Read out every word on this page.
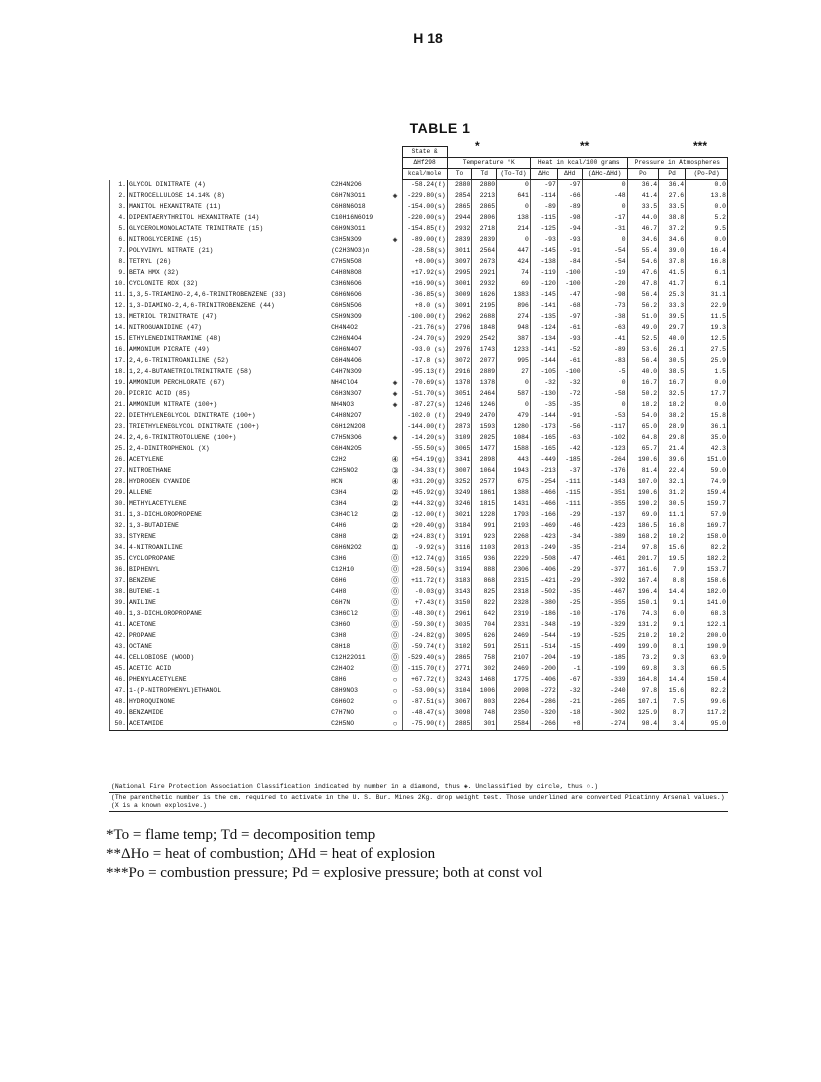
H 18
TABLE 1
*	**	***
				State &									
				ΔHf298	Temperature °K			Heat in kcal/100 grams			Pressure in Atmospheres		
				kcal/mole	To	Td	(To-Td)	ΔHc	ΔHd	(ΔHc-ΔHd)	Po	Pd	(Po-Pd)
1.	GLYCOL DINITRATE (4)	C2H4N2O6		-58.24(ℓ)	2880	2880	0	-97	-97	0	36.4	36.4	0.0
2.	NITROCELLULOSE 14.14% (8)	C6H7N3O11	◈	-229.80(s)	2854	2213	641	-114	-66	-48	41.4	27.6	13.8
3.	MANITOL HEXANITRATE (11)	C6H8N6O18		-154.00(s)	2865	2865	0	-89	-89	0	33.5	33.5	0.0
4.	DIPENTAERYTHRITOL HEXANITRATE (14)	C10H16N6O19		-220.00(s)	2944	2806	138	-115	-98	-17	44.0	38.8	5.2
5.	GLYCEROLMONOLACTATE TRINITRATE (15)	C6H9N3O11		-154.85(ℓ)	2932	2718	214	-125	-94	-31	46.7	37.2	9.5
6.	NITROGLYCERINE (15)	C3H5N3O9	◈	-89.00(ℓ)	2839	2839	0	-93	-93	0	34.6	34.6	0.0
7.	POLYVINYL NITRATE (21)	(C2H3NO3)n		-28.58(s)	3011	2564	447	-145	-91	-54	55.4	39.0	16.4
8.	TETRYL (26)	C7H5N5O8		+8.00(s)	3097	2673	424	-138	-84	-54	54.6	37.8	16.8
9.	BETA HMX (32)	C4H8N8O8		+17.92(s)	2995	2921	74	-119	-100	-19	47.6	41.5	6.1
10.	CYCLONITE RDX (32)	C3H6N6O6		+16.90(s)	3001	2932	69	-120	-100	-20	47.8	41.7	6.1
11.	1,3,5-TRIAMINO-2,4,6-TRINITROBENZENE (33)	C6H6N6O6		-36.85(s)	3009	1626	1383	-145	-47	-98	56.4	25.3	31.1
12.	1,3-DIAMINO-2,4,6-TRINITROBENZENE (44)	C6H5N5O6		+8.0 (s)	3091	2195	896	-141	-68	-73	56.2	33.3	22.9
13.	METRIOL TRINITRATE (47)	C5H9N3O9		-100.00(ℓ)	2962	2688	274	-135	-97	-38	51.0	39.5	11.5
14.	NITROGUANIDINE (47)	CH4N4O2		-21.76(s)	2796	1848	948	-124	-61	-63	49.0	29.7	19.3
15.	ETHYLENEDINITRAMINE (48)	C2H6N4O4		-24.70(s)	2929	2542	387	-134	-93	-41	52.5	40.0	12.5
16.	AMMONIUM PICRATE (49)	C6H6N4O7		-93.0 (s)	2976	1743	1233	-141	-52	-89	53.6	26.1	27.5
17.	2,4,6-TRINITROANILINE (52)	C6H4N4O6		-17.8 (s)	3072	2077	995	-144	-61	-83	56.4	30.5	25.9
18.	1,2,4-BUTANETRIOLTRINITRATE (58)	C4H7N3O9		-95.13(ℓ)	2916	2889	27	-105	-100	-5	40.0	38.5	1.5
19.	AMMONIUM PERCHLORATE (67)	NH4ClO4	◈	-70.69(s)	1378	1378	0	-32	-32	0	16.7	16.7	0.0
20.	PICRIC ACID (85)	C6H3N3O7	◈	-51.70(s)	3051	2464	587	-130	-72	-58	50.2	32.5	17.7
21.	AMMONIUM NITRATE (100+)	NH4NO3	◈	-87.27(s)	1246	1246	0	-35	-35	0	18.2	18.2	0.0
22.	DIETHYLENEGLYCOL DINITRATE (100+)	C4H8N2O7		-102.0 (ℓ)	2949	2470	479	-144	-91	-53	54.0	38.2	15.8
23.	TRIETHYLENEGLYCOL DINITRATE (100+)	C6H12N2O8		-144.00(ℓ)	2873	1593	1280	-173	-56	-117	65.0	28.9	36.1
24.	2,4,6-TRINITROTOLUENE (100+)	C7H5N3O6	◈	-14.20(s)	3109	2025	1084	-165	-63	-102	64.8	29.8	35.0
25.	2,4-DINITROPHENOL (X)	C6H4N2O5		-55.50(s)	3065	1477	1588	-165	-42	-123	65.7	21.4	42.3
26.	ACETYLENE	C2H2	④	+54.19(g)	3341	2898	443	-449	-185	-264	190.6	39.6	151.0
27.	NITROETHANE	C2H5NO2	③	-34.33(ℓ)	3007	1064	1943	-213	-37	-176	81.4	22.4	59.0
28.	HYDROGEN CYANIDE	HCN	④	+31.20(g)	3252	2577	675	-254	-111	-143	107.0	32.1	74.9
29.	ALLENE	C3H4	②	+45.92(g)	3249	1861	1388	-466	-115	-351	190.6	31.2	159.4
30.	METHYLACETYLENE	C3H4	②	+44.32(g)	3246	1815	1431	-466	-111	-355	190.2	30.5	159.7
31.	1,3-DICHLOROPROPENE	C3H4Cl2	②	-12.00(ℓ)	3021	1228	1793	-166	-29	-137	69.0	11.1	57.9
32.	1,3-BUTADIENE	C4H6	②	+20.40(g)	3184	991	2193	-469	-46	-423	186.5	16.8	169.7
33.	STYRENE	C8H8	②	+24.83(ℓ)	3191	923	2268	-423	-34	-389	168.2	10.2	158.0
34.	4-NITROANILINE	C6H6N2O2	①	-9.92(s)	3116	1103	2013	-249	-35	-214	97.8	15.6	82.2
35.	CYCLOPROPANE	C3H6	⓪	+12.74(g)	3165	936	2229	-508	-47	-461	201.7	19.5	182.2
36.	BIPHENYL	C12H10	⓪	+28.50(s)	3194	888	2306	-406	-29	-377	161.6	7.9	153.7
37.	BENZENE	C6H6	⓪	+11.72(ℓ)	3183	868	2315	-421	-29	-392	167.4	8.8	158.6
38.	BUTENE-1	C4H8	⓪	-0.03(g)	3143	825	2318	-502	-35	-467	196.4	14.4	182.0
39.	ANILINE	C6H7N	⓪	+7.43(ℓ)	3150	822	2328	-380	-25	-355	150.1	9.1	141.0
40.	1,3-DICHLOROPROPANE	C3H6Cl2	⓪	-48.30(ℓ)	2961	642	2319	-186	-10	-176	74.3	6.0	68.3
41.	ACETONE	C3H6O	⓪	-59.30(ℓ)	3035	704	2331	-348	-19	-329	131.2	9.1	122.1
42.	PROPANE	C3H8	⓪	-24.82(g)	3095	626	2469	-544	-19	-525	210.2	10.2	200.0
43.	OCTANE	C8H18	⓪	-59.74(ℓ)	3102	591	2511	-514	-15	-499	199.0	8.1	190.9
44.	CELLOBIOSE (WOOD)	C12H22O11	⓪	-529.40(s)	2865	758	2107	-204	-19	-185	73.2	9.3	63.9
45.	ACETIC ACID	C2H4O2	⓪	-115.70(ℓ)	2771	302	2469	-200	-1	-199	69.8	3.3	66.5
46.	PHENYLACETYLENE	C8H6	○	+67.72(ℓ)	3243	1468	1775	-406	-67	-339	164.8	14.4	150.4
47.	1-(P-NITROPHENYL)ETHANOL	C8H9NO3	○	-53.00(s)	3104	1006	2098	-272	-32	-240	97.8	15.6	82.2
48.	HYDROQUINONE	C6H6O2	○	-87.51(s)	3067	803	2264	-286	-21	-265	107.1	7.5	99.6
49.	BENZAMIDE	C7H7NO	○	-48.47(s)	3098	748	2350	-320	-18	-302	125.9	8.7	117.2
50.	ACETAMIDE	C2H5NO	○	-75.90(ℓ)	2885	301	2584	-266	+8	-274	98.4	3.4	95.0
(National Fire Protection Association Classification indicated by number in a diamond, thus ◈. Unclassified by circle, thus ○.)
(The parenthetic number is the cm. required to activate in the U. S. Bur. Mines 2Kg. drop weight test. Those underlined are converted Picatinny Arsenal values.) (X is a known explosive.)
*To = flame temp; Td = decomposition temp
**ΔHo = heat of combustion; ΔHd = heat of explosion
***Po = combustion pressure; Pd = explosive pressure; both at const vol
